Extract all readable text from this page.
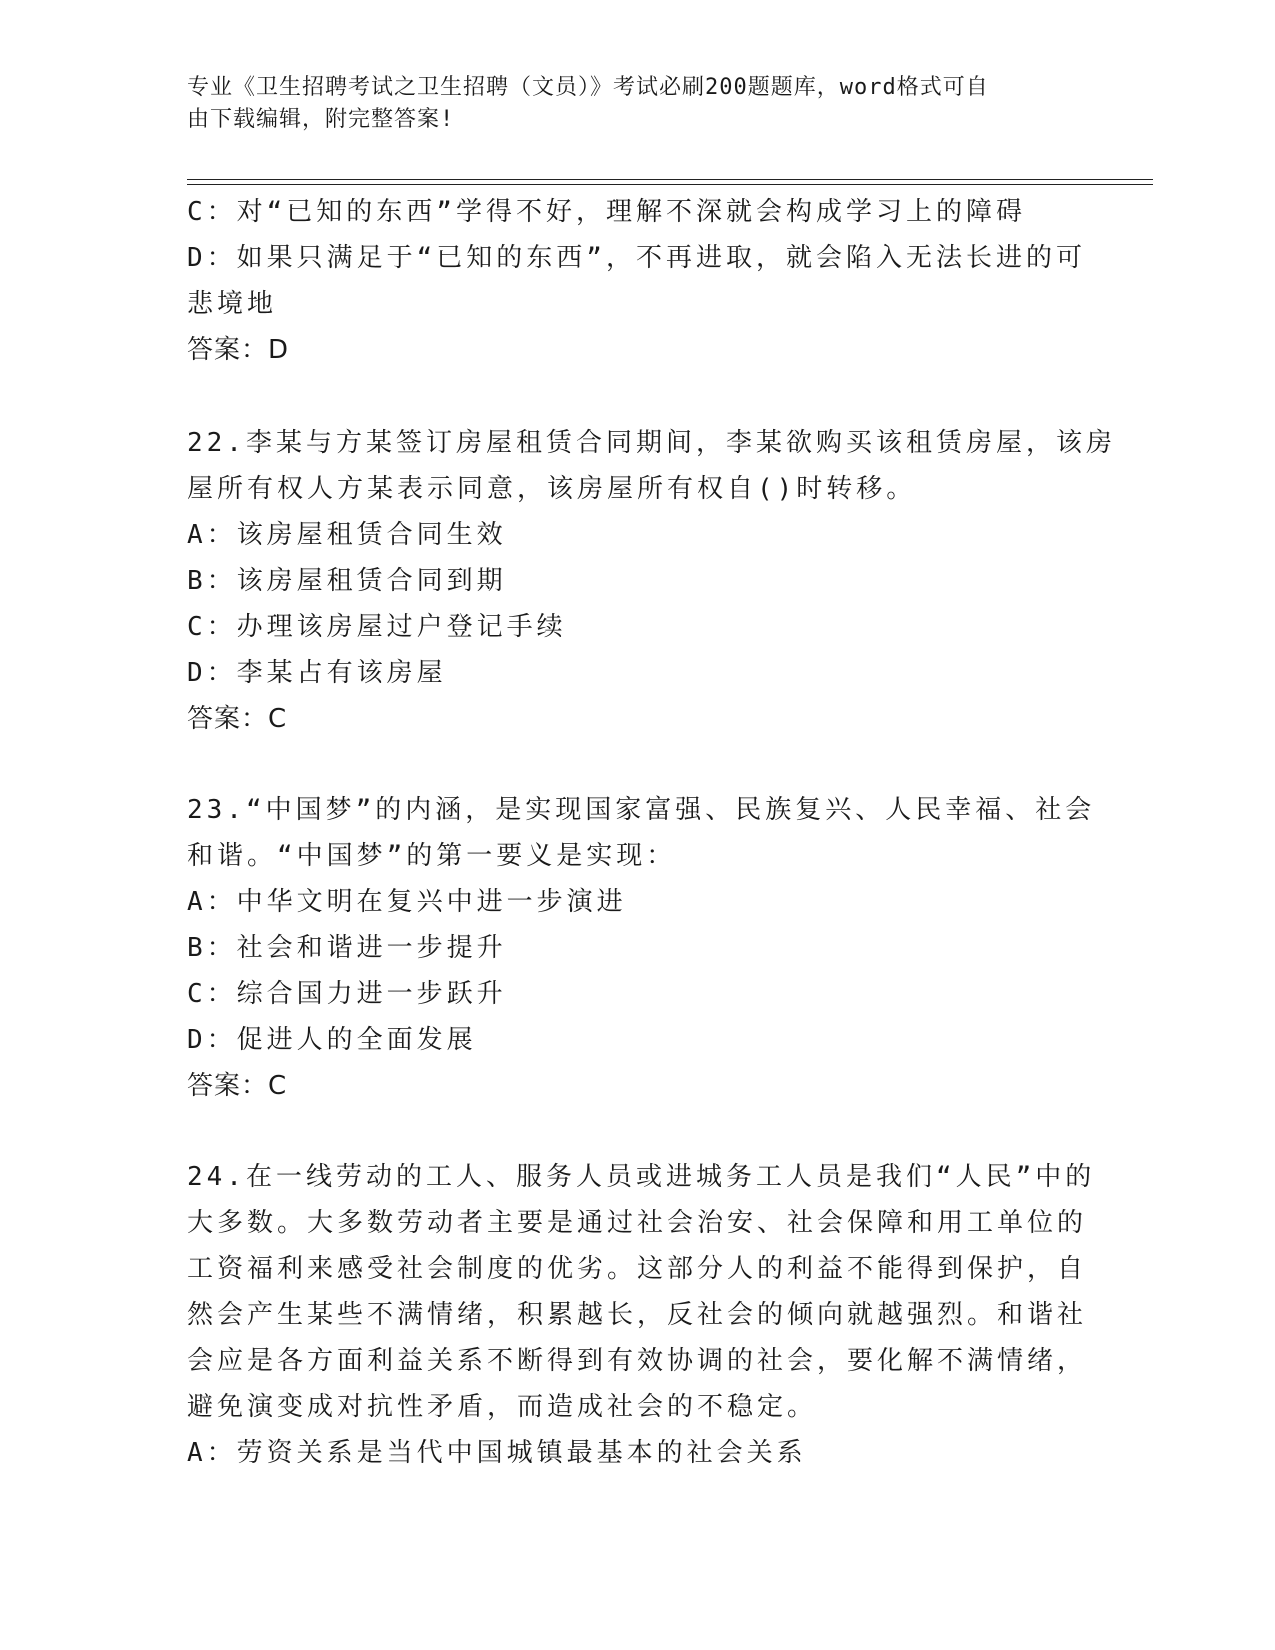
专业《卫生招聘考试之卫生招聘（文员）》考试必刷200题题库，word格式可自
由下载编辑，附完整答案!
C：对“已知的东西”学得不好，理解不深就会构成学习上的障碍
D：如果只满足于“已知的东西”，不再进取，就会陷入无法长进的可
悲境地
答案：D
22.李某与方某签订房屋租赁合同期间，李某欲购买该租赁房屋，该房
屋所有权人方某表示同意，该房屋所有权自()时转移。
A：该房屋租赁合同生效
B：该房屋租赁合同到期
C：办理该房屋过户登记手续
D：李某占有该房屋
答案：C
23.“中国梦”的内涵，是实现国家富强、民族复兴、人民幸福、社会
和谐。“中国梦”的第一要义是实现：
A：中华文明在复兴中进一步演进
B：社会和谐进一步提升
C：综合国力进一步跃升
D：促进人的全面发展
答案：C
24.在一线劳动的工人、服务人员或进城务工人员是我们“人民”中的
大多数。大多数劳动者主要是通过社会治安、社会保障和用工单位的
工资福利来感受社会制度的优劣。这部分人的利益不能得到保护，自
然会产生某些不满情绪，积累越长，反社会的倾向就越强烈。和谐社
会应是各方面利益关系不断得到有效协调的社会，要化解不满情绪，
避免演变成对抗性矛盾，而造成社会的不稳定。
A：劳资关系是当代中国城镇最基本的社会关系
